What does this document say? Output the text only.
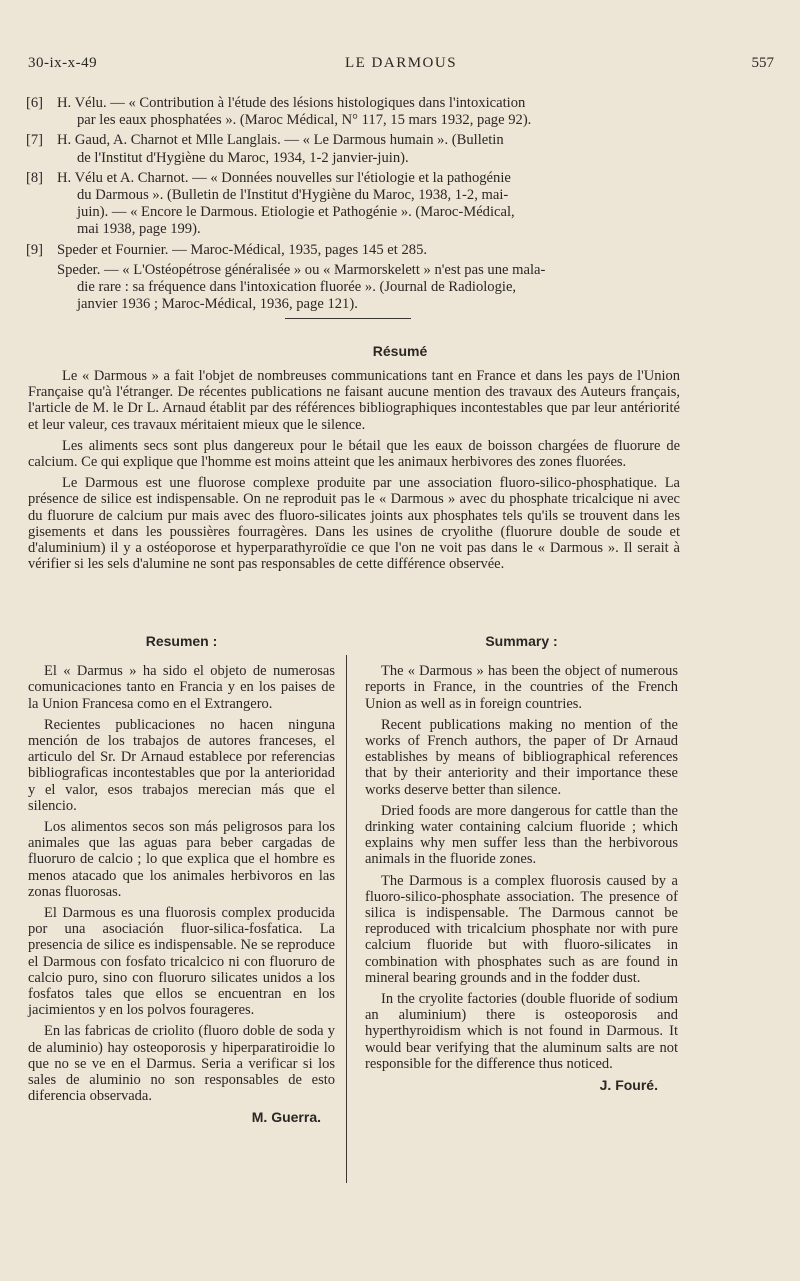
30-ix-x-49	LE DARMOUS	557
[6] H. Vélu. — « Contribution à l'étude des lésions histologiques dans l'intoxication
par les eaux phosphatées ». (Maroc Médical, N° 117, 15 mars 1932, page 92).
[7] H. Gaud, A. Charnot et Mlle Langlais. — « Le Darmous humain ». (Bulletin
de l'Institut d'Hygiène du Maroc, 1934, 1-2 janvier-juin).
[8] H. Vélu et A. Charnot. — « Données nouvelles sur l'étiologie et la pathogénie
du Darmous ». (Bulletin de l'Institut d'Hygiène du Maroc, 1938, 1-2, mai-
juin). — « Encore le Darmous. Etiologie et Pathogénie ». (Maroc-Médical,
mai 1938, page 199).
[9] Speder et Fournier. — Maroc-Médical, 1935, pages 145 et 285.
Speder. — « L'Ostéopétrose généralisée » ou « Marmorskelett » n'est pas une mala-
die rare : sa fréquence dans l'intoxication fluorée ». (Journal de Radiologie,
janvier 1936 ; Maroc-Médical, 1936, page 121).
Résumé

Le « Darmous » a fait l'objet de nombreuses communications tant en France et dans les pays de l'Union Française qu'à l'étranger. De récentes publications ne faisant aucune mention des travaux des Auteurs français, l'article de M. le Dr L. Arnaud établit par des références bibliographiques incontestables que par leur antériorité et leur valeur, ces travaux méritaient mieux que le silence.

Les aliments secs sont plus dangereux pour le bétail que les eaux de boisson chargées de fluorure de calcium. Ce qui explique que l'homme est moins atteint que les animaux herbivores des zones fluorées.

Le Darmous est une fluorose complexe produite par une association fluoro-silico-phosphatique. La présence de silice est indispensable. On ne reproduit pas le « Darmous » avec du phosphate tricalcique ni avec du fluorure de calcium pur mais avec des fluoro-silicates joints aux phosphates tels qu'ils se trouvent dans les gisements et dans les poussières fourragères. Dans les usines de cryolithe (fluorure double de soude et d'aluminium) il y a ostéoporose et hyperparathyroïdie ce que l'on ne voit pas dans le « Darmous ». Il serait à vérifier si les sels d'alumine ne sont pas responsables de cette différence observée.

Resumen :

El « Darmus » ha sido el objeto de numerosas comunicaciones tanto en Francia y en los paises de la Union Francesa como en el Extrangero.

Recientes publicaciones no hacen ninguna mención de los trabajos de autores franceses, el articulo del Sr. Dr Arnaud establece por referencias bibliograficas incontestables que por la anterioridad y el valor, esos trabajos merecian más que el silencio.

Los alimentos secos son más peligrosos para los animales que las aguas para beber cargadas de fluoruro de calcio ; lo que explica que el hombre es menos atacado que los animales herbivoros en las zonas fluorosas.

El Darmous es una fluorosis complex producida por una asociación fluor-silica-fosfatica. La presencia de silice es indispensable. Ne se reproduce el Darmous con fosfato tricalcico ni con fluoruro de calcio puro, sino con fluoruro silicates unidos a los fosfatos tales que ellos se encuentran en los jacimientos y en los polvos fourageres.

En las fabricas de criolito (fluoro doble de soda y de aluminio) hay osteoporosis y hiperparatiroidie lo que no se ve en el Darmus. Seria a verificar si los sales de aluminio no son responsables de esto diferencia observada.

M. Guerra.
Summary :

The « Darmous » has been the object of numerous reports in France, in the countries of the French Union as well as in foreign countries.

Recent publications making no mention of the works of French authors, the paper of Dr Arnaud establishes by means of bibliographical references that by their anteriority and their importance these works deserve better than silence.

Dried foods are more dangerous for cattle than the drinking water containing calcium fluoride ; which explains why men suffer less than the herbivorous animals in the fluoride zones.

The Darmous is a complex fluorosis caused by a fluoro-silico-phosphate association. The presence of silica is indispensable. The Darmous cannot be reproduced with tricalcium phosphate nor with pure calcium fluoride but with fluoro-silicates in combination with phosphates such as are found in mineral bearing grounds and in the fodder dust.

In the cryolite factories (double fluoride of sodium an aluminium) there is osteoporosis and hyperthyroidism which is not found in Darmous. It would bear verifying that the aluminum salts are not responsible for the difference thus noticed.

J. Fouré.
